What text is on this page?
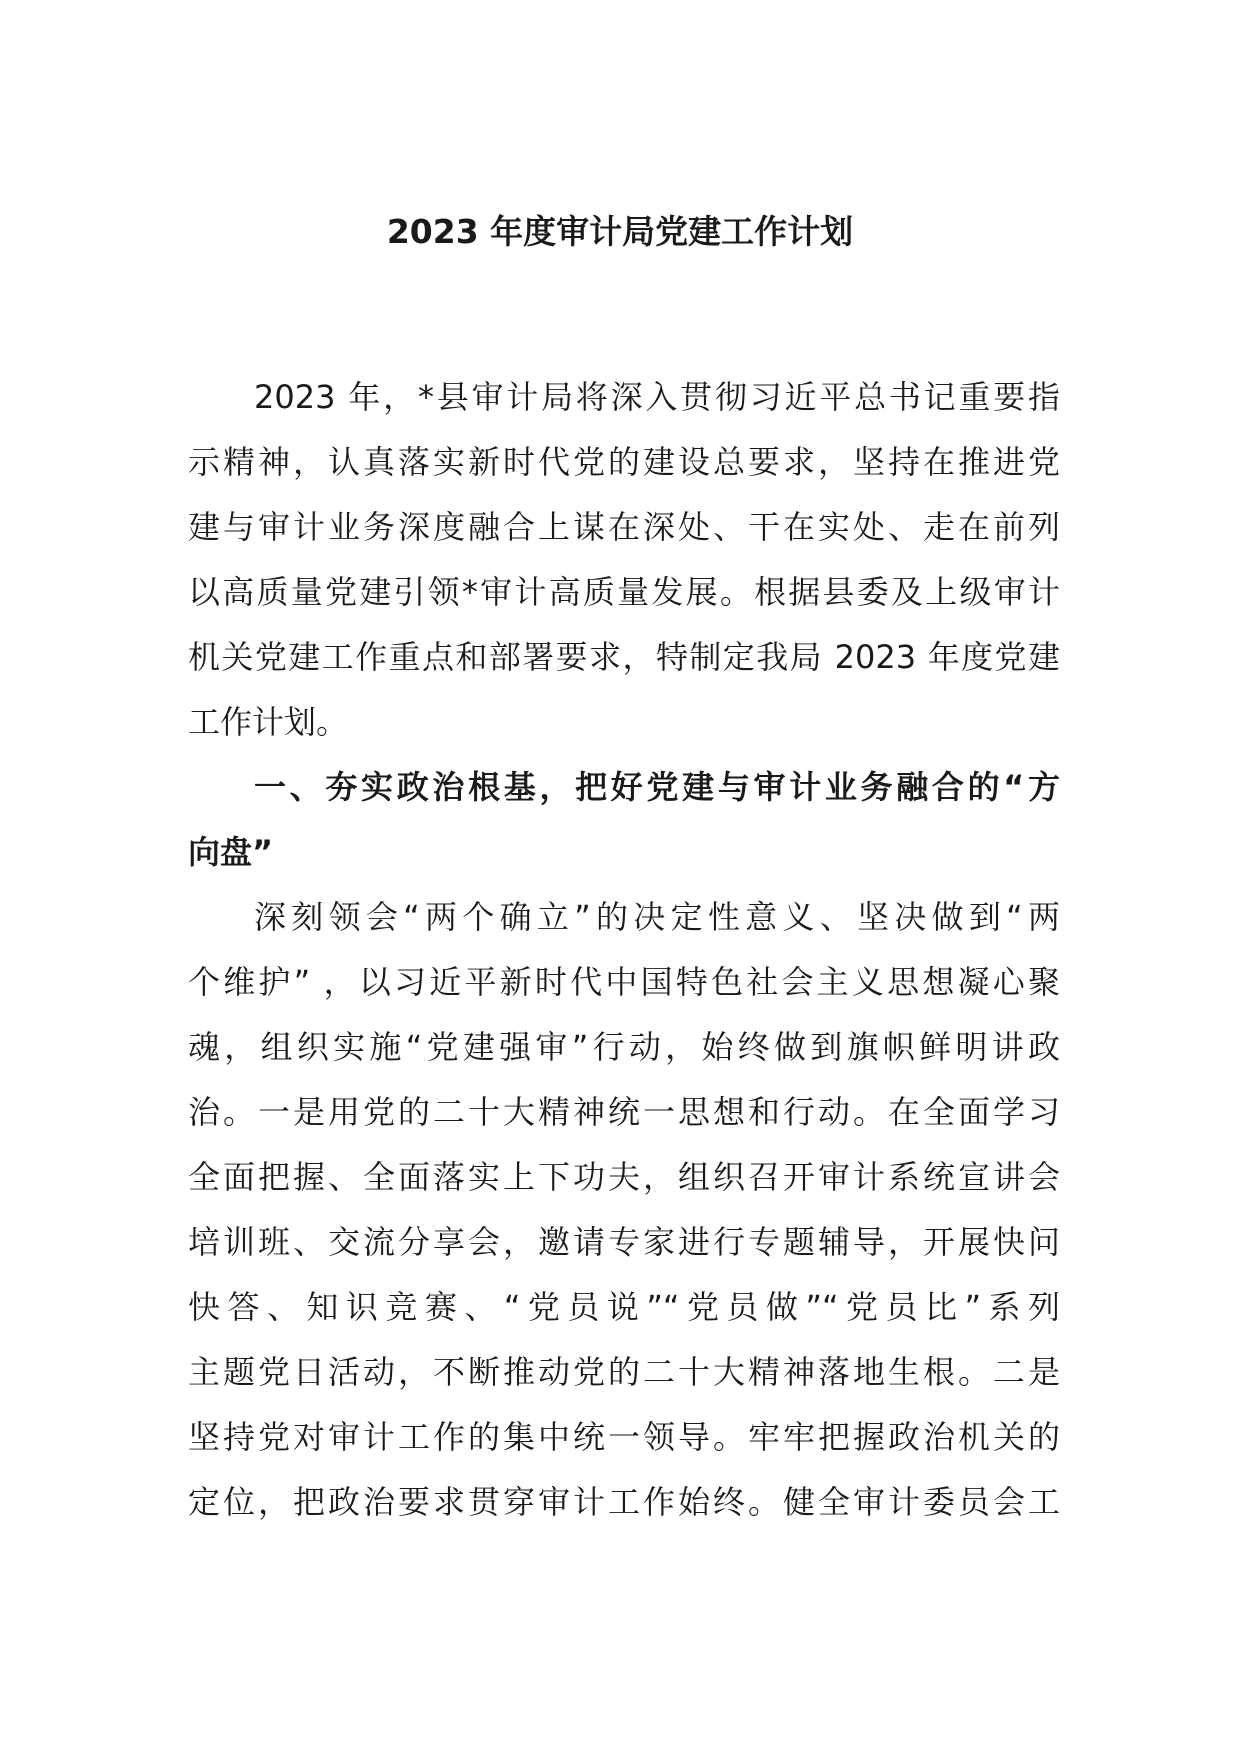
2023 年度审计局党建工作计划
2023 年，*县审计局将深入贯彻习近平总书记重要指
示精神，认真落实新时代党的建设总要求，坚持在推进党
建与审计业务深度融合上谋在深处、干在实处、走在前列
以高质量党建引领*审计高质量发展。根据县委及上级审计
机关党建工作重点和部署要求，特制定我局 2023 年度党建
工作计划。
一、夯实政治根基，把好党建与审计业务融合的“方
向盘”
深刻领会“两个确立”的决定性意义、坚决做到“两
个维护” ，以习近平新时代中国特色社会主义思想凝心聚
魂，组织实施“党建强审”行动，始终做到旗帜鲜明讲政
治。一是用党的二十大精神统一思想和行动。在全面学习
全面把握、全面落实上下功夫，组织召开审计系统宣讲会
培训班、交流分享会，邀请专家进行专题辅导，开展快问
快答、知识竞赛、“党员说”“党员做”“党员比”系列
主题党日活动，不断推动党的二十大精神落地生根。二是
坚持党对审计工作的集中统一领导。牢牢把握政治机关的
定位，把政治要求贯穿审计工作始终。健全审计委员会工
